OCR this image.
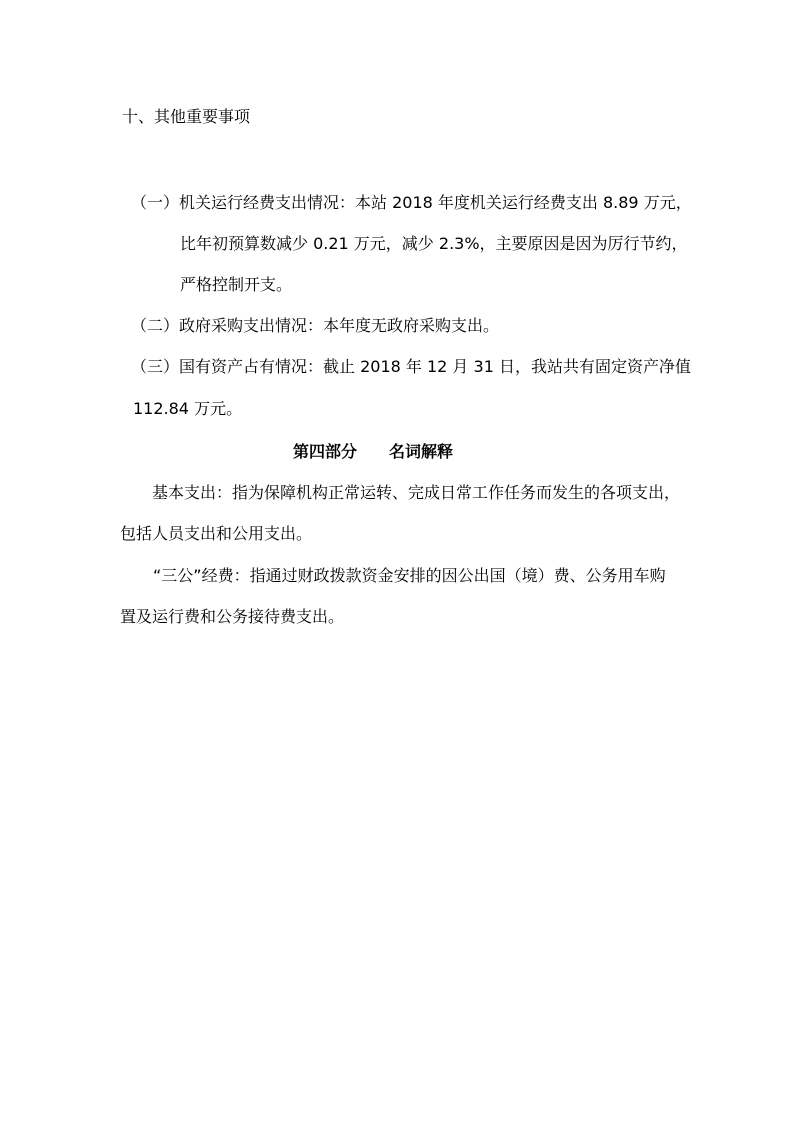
十、其他重要事项
（一）机关运行经费支出情况：本站 2018 年度机关运行经费支出 8.89 万元，
比年初预算数减少 0.21 万元，减少 2.3%，主要原因是因为厉行节约，
严格控制开支。
（二）政府采购支出情况：本年度无政府采购支出。
（三）国有资产占有情况：截止 2018 年 12 月 31 日，我站共有固定资产净值
112.84 万元。
第四部分　　名词解释
基本支出：指为保障机构正常运转、完成日常工作任务而发生的各项支出，
包括人员支出和公用支出。
“三公”经费：指通过财政拨款资金安排的因公出国（境）费、公务用车购
置及运行费和公务接待费支出。
